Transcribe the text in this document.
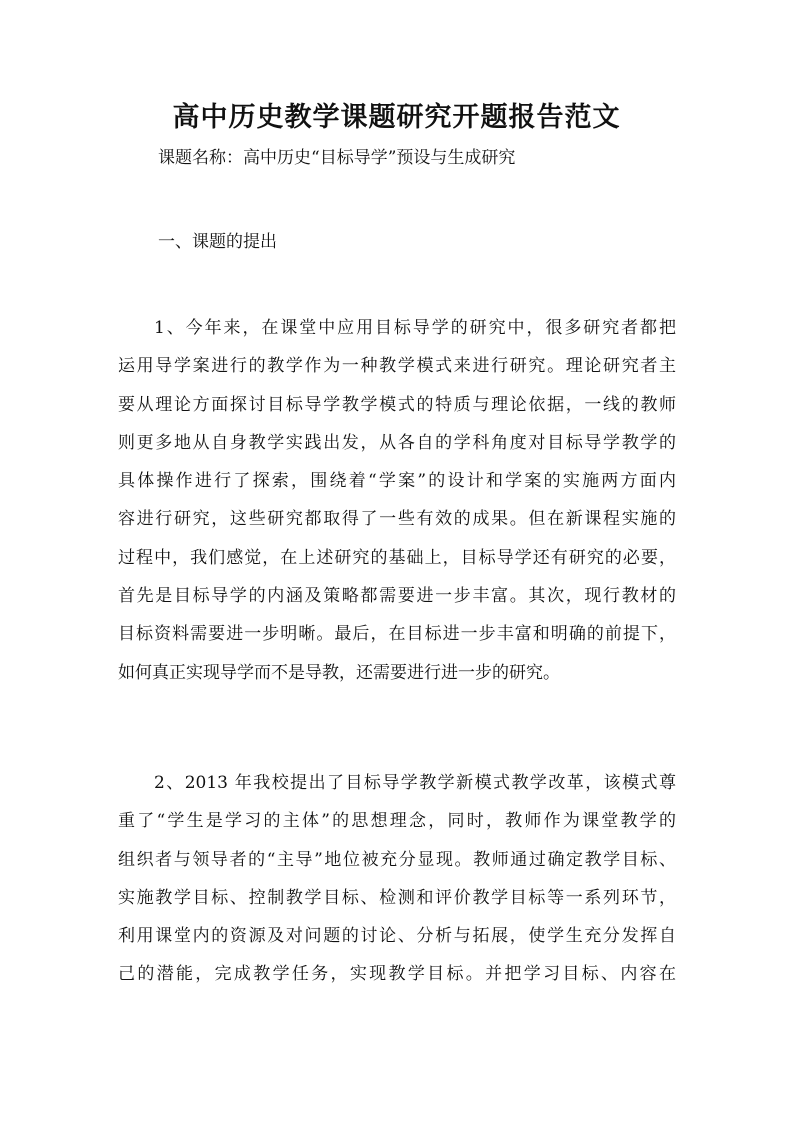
高中历史教学课题研究开题报告范文
课题名称：高中历史“目标导学”预设与生成研究
一、课题的提出
1、今年来，在课堂中应用目标导学的研究中，很多研究者都把
运用导学案进行的教学作为一种教学模式来进行研究。理论研究者主
要从理论方面探讨目标导学教学模式的特质与理论依据，一线的教师
则更多地从自身教学实践出发，从各自的学科角度对目标导学教学的
具体操作进行了探索，围绕着“学案”的设计和学案的实施两方面内
容进行研究，这些研究都取得了一些有效的成果。但在新课程实施的
过程中，我们感觉，在上述研究的基础上，目标导学还有研究的必要，
首先是目标导学的内涵及策略都需要进一步丰富。其次，现行教材的
目标资料需要进一步明晰。最后，在目标进一步丰富和明确的前提下，
如何真正实现导学而不是导教，还需要进行进一步的研究。
2、2013 年我校提出了目标导学教学新模式教学改革，该模式尊
重了“学生是学习的主体”的思想理念，同时，教师作为课堂教学的
组织者与领导者的“主导”地位被充分显现。教师通过确定教学目标、
实施教学目标、控制教学目标、检测和评价教学目标等一系列环节，
利用课堂内的资源及对问题的讨论、分析与拓展，使学生充分发挥自
己的潜能，完成教学任务，实现教学目标。并把学习目标、内容在
